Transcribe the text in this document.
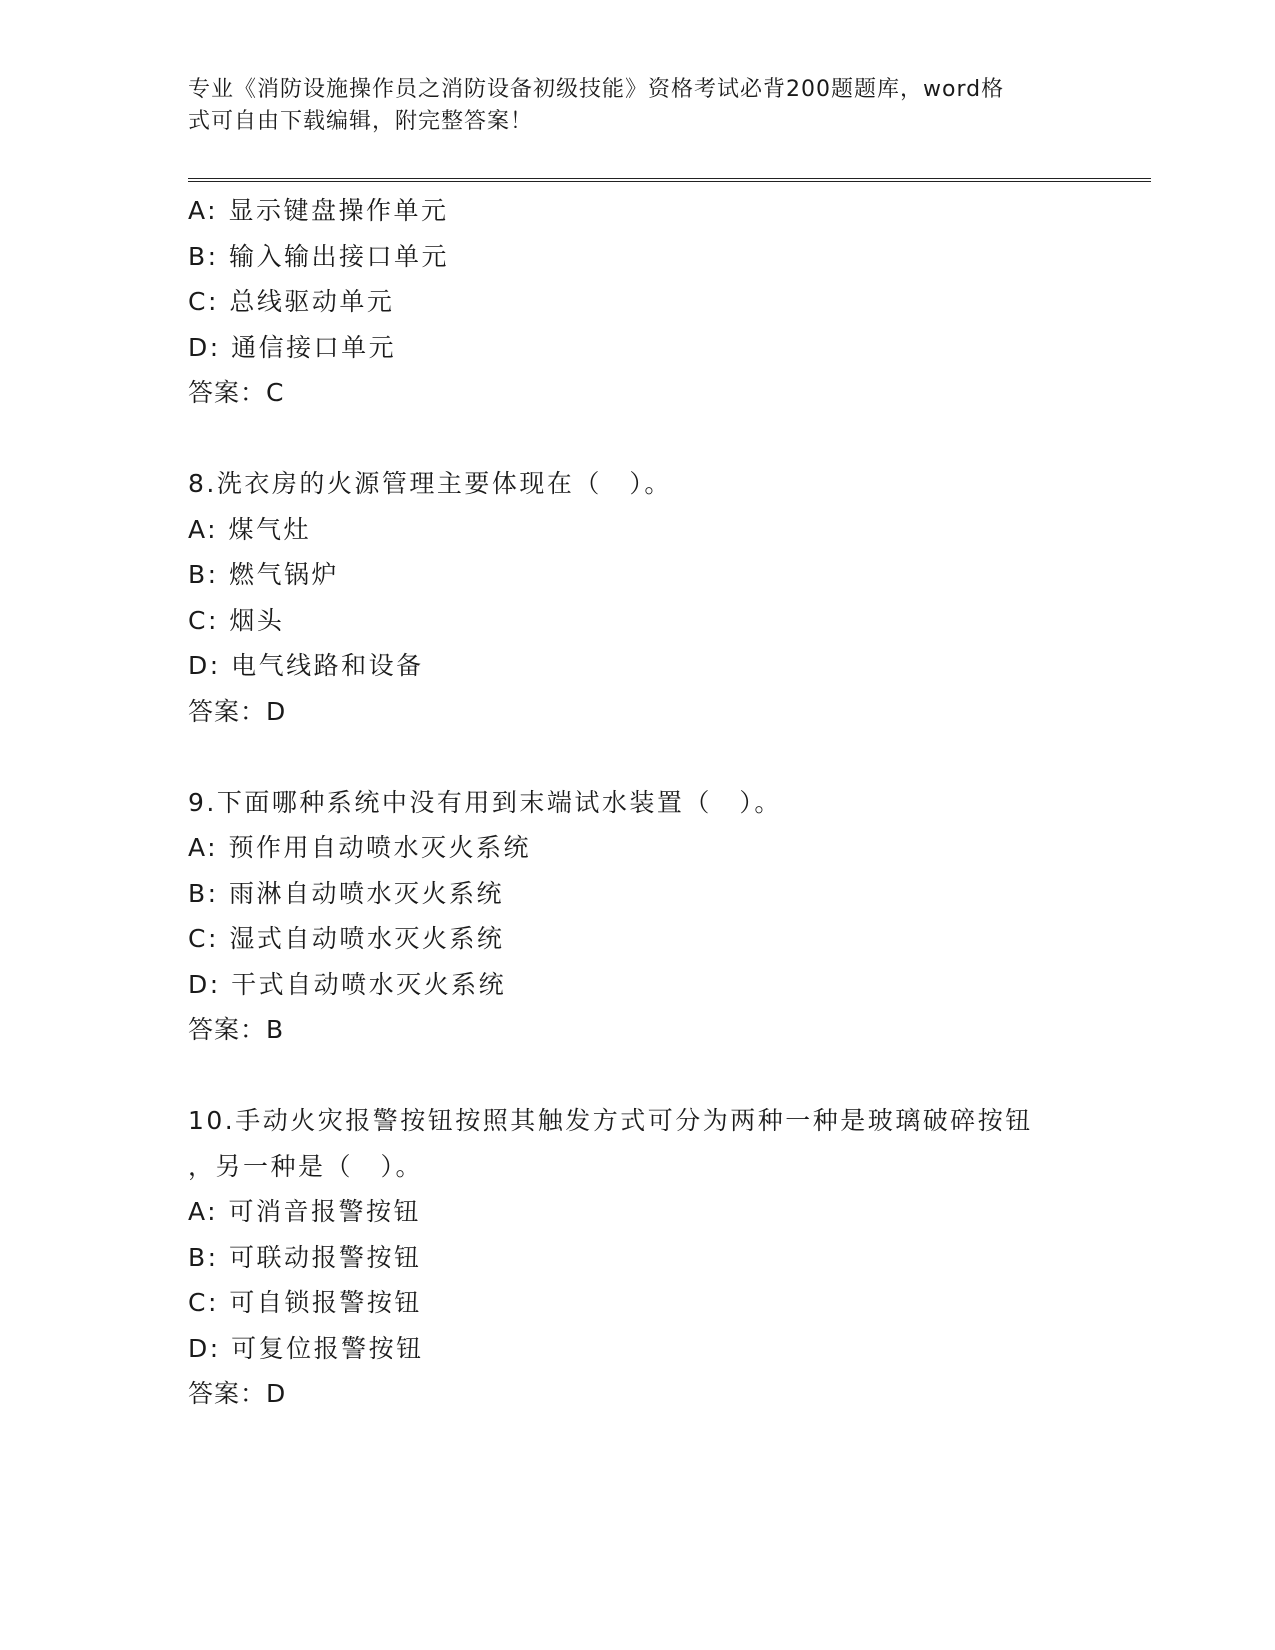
专业《消防设施操作员之消防设备初级技能》资格考试必背200题题库，word格
式可自由下载编辑，附完整答案！
A: 显示键盘操作单元
B: 输入输出接口单元
C: 总线驱动单元
D: 通信接口单元
答案：C
8.洗衣房的火源管理主要体现在（　）。
A: 煤气灶
B: 燃气锅炉
C: 烟头
D: 电气线路和设备
答案：D
9.下面哪种系统中没有用到末端试水装置（　）。
A: 预作用自动喷水灭火系统
B: 雨淋自动喷水灭火系统
C: 湿式自动喷水灭火系统
D: 干式自动喷水灭火系统
答案：B
10.手动火灾报警按钮按照其触发方式可分为两种一种是玻璃破碎按钮
，另一种是（　）。
A: 可消音报警按钮
B: 可联动报警按钮
C: 可自锁报警按钮
D: 可复位报警按钮
答案：D
